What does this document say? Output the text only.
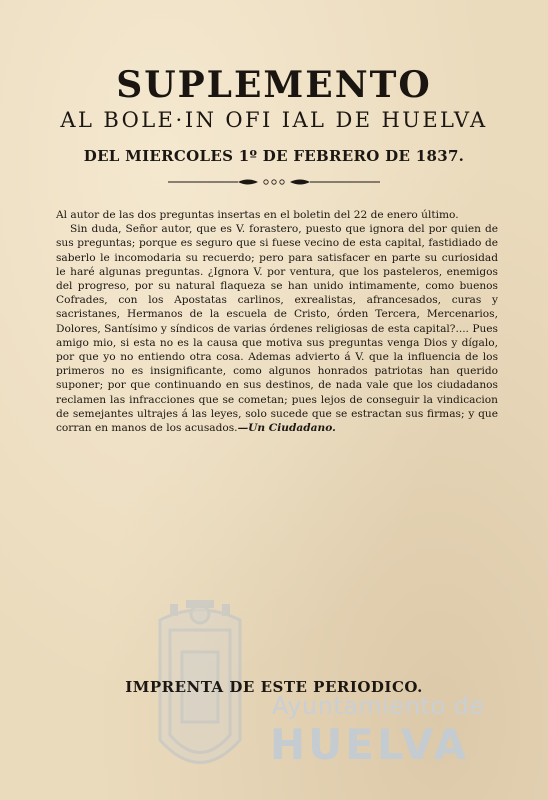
SUPLEMENTO
AL BOLE⋅IN OFI IAL DE HUELVA
DEL MIERCOLES 1º DE FEBRERO DE 1837.
Ayuntamiento de
HUELVA

Al autor de las dos preguntas insertas en el boletin del 22 de enero último.

Sin duda, Señor autor, que es V. forastero, puesto que ignora del por quien de sus preguntas; porque es seguro que si fuese vecino de esta capital, fastidiado de saberlo le incomodaria su recuerdo; pero para satisfacer en parte su curiosidad le haré algunas preguntas. ¿Ignora V. por ventura, que los pasteleros, enemigos del progreso, por su natural flaqueza se han unido intimamente, como buenos Cofrades, con los Apostatas carlinos, exrealistas, afrancesados, curas y sacristanes, Hermanos de la escuela de Cristo, órden Tercera, Mercenarios, Dolores, Santísimo y síndicos de varias órdenes religiosas de esta capital?.... Pues amigo mio, si esta no es la causa que motiva sus preguntas venga Dios y dígalo, por que yo no entiendo otra cosa. Ademas advierto á V. que la influencia de los primeros no es insignificante, como algunos honrados patriotas han querido suponer; por que continuando en sus destinos, de nada vale que los ciudadanos reclamen las infracciones que se cometan; pues lejos de conseguir la vindicacion de semejantes ultrajes á las leyes, solo sucede que se estractan sus firmas; y que corran en manos de los acusados.—Un Ciudadano.

IMPRENTA DE ESTE PERIODICO.
